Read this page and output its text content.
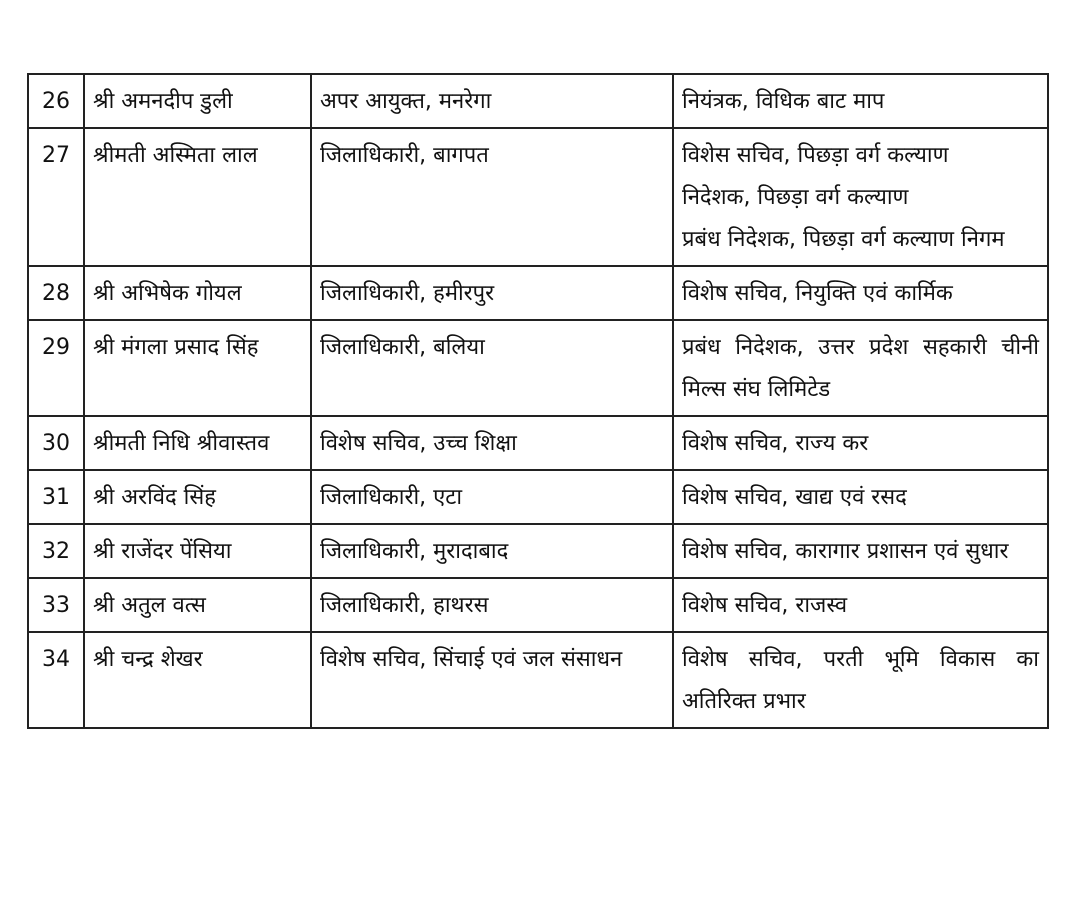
26	श्री अमनदीप डुली	अपर आयुक्त, मनरेगा	नियंत्रक, विधिक बाट माप
27	श्रीमती अस्मिता लाल	जिलाधिकारी, बागपत	विशेस सचिव, पिछड़ा वर्ग कल्याण
निदेशक, पिछड़ा वर्ग कल्याण
प्रबंध निदेशक, पिछड़ा वर्ग कल्याण निगम
28	श्री अभिषेक गोयल	जिलाधिकारी, हमीरपुर	विशेष सचिव, नियुक्ति एवं कार्मिक
29	श्री मंगला प्रसाद सिंह	जिलाधिकारी, बलिया	प्रबंध निदेशक, उत्तर प्रदेश सहकारी चीनी मिल्स संघ लिमिटेड
30	श्रीमती निधि श्रीवास्तव	विशेष सचिव, उच्च शिक्षा	विशेष सचिव, राज्य कर
31	श्री अरविंद सिंह	जिलाधिकारी, एटा	विशेष सचिव, खाद्य एवं रसद
32	श्री राजेंदर पेंसिया	जिलाधिकारी, मुरादाबाद	विशेष सचिव, कारागार प्रशासन एवं सुधार
33	श्री अतुल वत्स	जिलाधिकारी, हाथरस	विशेष सचिव, राजस्व
34	श्री चन्द्र शेखर	विशेष सचिव, सिंचाई एवं जल संसाधन	विशेष सचिव, परती भूमि विकास का अतिरिक्त प्रभार
